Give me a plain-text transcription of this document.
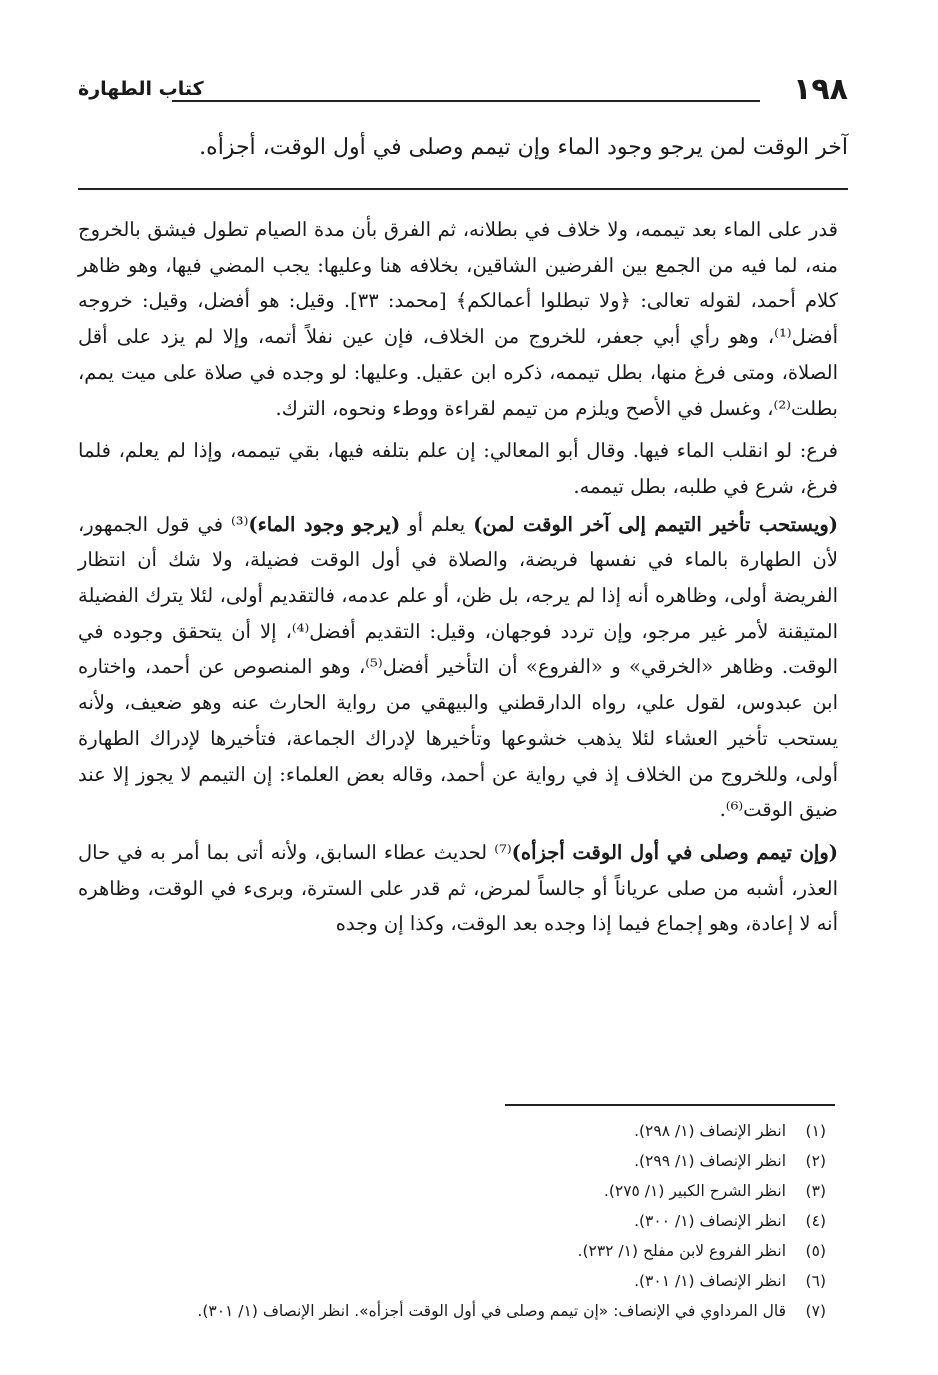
كتاب الطهارة	١٩٨
آخر الوقت لمن يرجو وجود الماء وإن تيمم وصلى في أول الوقت، أجزأه.

قدر على الماء بعد تيممه، ولا خلاف في بطلانه، ثم الفرق بأن مدة الصيام تطول فيشق بالخروج منه، لما فيه من الجمع بين الفرضين الشاقين، بخلافه هنا وعليها: يجب المضي فيها، وهو ظاهر كلام أحمد، لقوله تعالى: ﴿ولا تبطلوا أعمالكم﴾ [محمد: ٣٣]. وقيل: هو أفضل، وقيل: خروجه أفضل⁽¹⁾، وهو رأي أبي جعفر، للخروج من الخلاف، فإن عين نفلاً أتمه، وإلا لم يزد على أقل الصلاة، ومتى فرغ منها، بطل تيممه، ذكره ابن عقيل. وعليها: لو وجده في صلاة على ميت يمم، بطلت⁽²⁾، وغسل في الأصح ويلزم من تيمم لقراءة ووطء ونحوه، الترك.

فرع: لو انقلب الماء فيها. وقال أبو المعالي: إن علم بتلفه فيها، بقي تيممه، وإذا لم يعلم، فلما فرغ، شرع في طلبه، بطل تيممه.

(ويستحب تأخير التيمم إلى آخر الوقت لمن) يعلم أو (يرجو وجود الماء)⁽³⁾ في قول الجمهور، لأن الطهارة بالماء في نفسها فريضة، والصلاة في أول الوقت فضيلة، ولا شك أن انتظار الفريضة أولى، وظاهره أنه إذا لم يرجه، بل ظن، أو علم عدمه، فالتقديم أولى، لئلا يترك الفضيلة المتيقنة لأمر غير مرجو، وإن تردد فوجهان، وقيل: التقديم أفضل⁽⁴⁾، إلا أن يتحقق وجوده في الوقت. وظاهر «الخرقي» و «الفروع» أن التأخير أفضل⁽⁵⁾، وهو المنصوص عن أحمد، واختاره ابن عبدوس، لقول علي، رواه الدارقطني والبيهقي من رواية الحارث عنه وهو ضعيف، ولأنه يستحب تأخير العشاء لئلا يذهب خشوعها وتأخيرها لإدراك الجماعة، فتأخيرها لإدراك الطهارة أولى، وللخروج من الخلاف إذ في رواية عن أحمد، وقاله بعض العلماء: إن التيمم لا يجوز إلا عند ضيق الوقت⁽⁶⁾.

(وإن تيمم وصلى في أول الوقت أجزأه)⁽⁷⁾ لحديث عطاء السابق، ولأنه أتى بما أمر به في حال العذر، أشبه من صلى عرياناً أو جالساً لمرض، ثم قدر على السترة، وبرىء في الوقت، وظاهره أنه لا إعادة، وهو إجماع فيما إذا وجده بعد الوقت، وكذا إن وجده

(١)انظر الإنصاف (١/ ٢٩٨).
(٢)انظر الإنصاف (١/ ٢٩٩).
(٣)انظر الشرح الكبير (١/ ٢٧٥).
(٤)انظر الإنصاف (١/ ٣٠٠).
(٥)انظر الفروع لابن مفلح (١/ ٢٣٢).
(٦)انظر الإنصاف (١/ ٣٠١).
(٧)قال المرداوي في الإنصاف: «إن تيمم وصلى في أول الوقت أجزأه». انظر الإنصاف (١/ ٣٠١).
